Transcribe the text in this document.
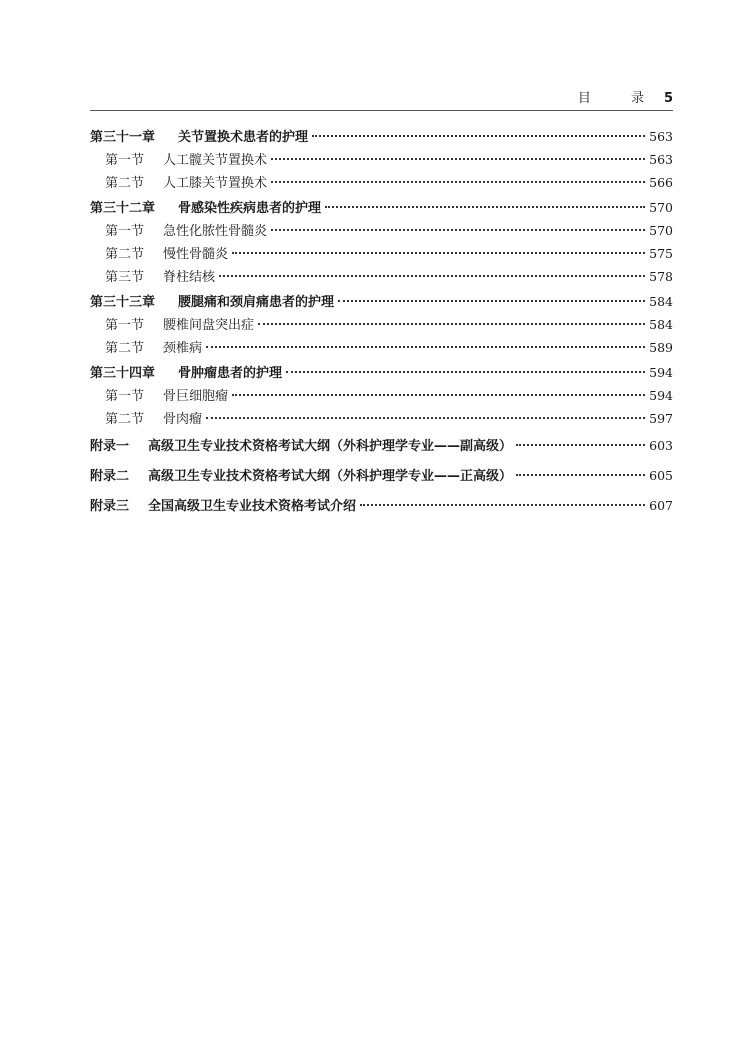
目 录 5
第三十一章	关节置换术患者的护理	563
第一节	人工髋关节置换术	563
第二节	人工膝关节置换术	566
第三十二章	骨感染性疾病患者的护理	570
第一节	急性化脓性骨髓炎	570
第二节	慢性骨髓炎	575
第三节	脊柱结核	578
第三十三章	腰腿痛和颈肩痛患者的护理	584
第一节	腰椎间盘突出症	584
第二节	颈椎病	589
第三十四章	骨肿瘤患者的护理	594
第一节	骨巨细胞瘤	594
第二节	骨肉瘤	597
附录一	高级卫生专业技术资格考试大纲（外科护理学专业——副高级）	603
附录二	高级卫生专业技术资格考试大纲（外科护理学专业——正高级）	605
附录三	全国高级卫生专业技术资格考试介绍	607
